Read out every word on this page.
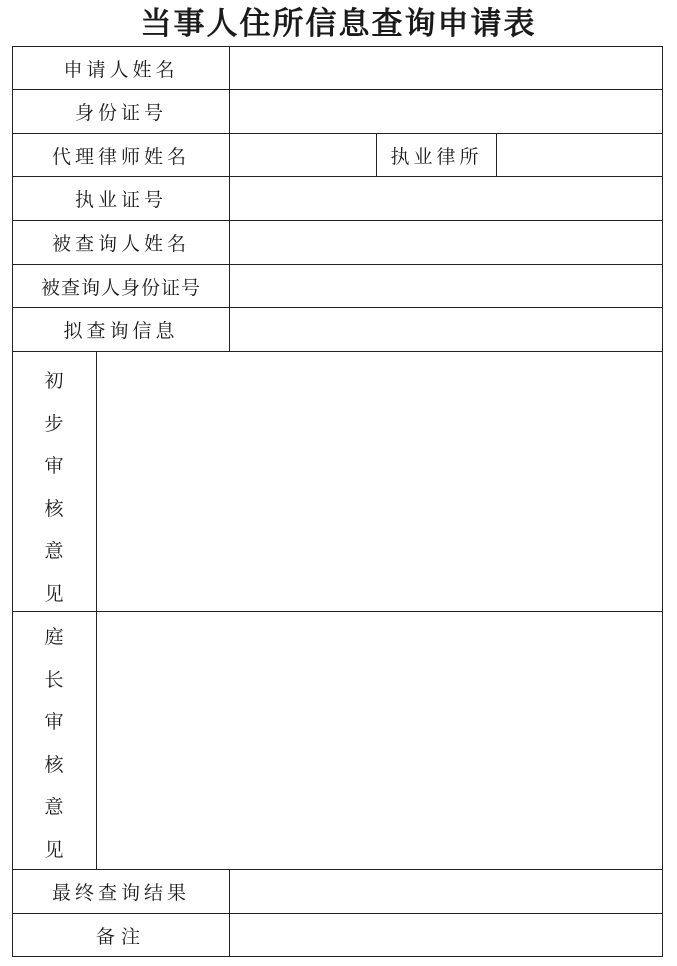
当事人住所信息查询申请表
申请人姓名
身份证号
代理律师姓名	执业律所
执业证号
被查询人姓名
被查询人身份证号
拟查询信息
初
步
审
核
意
见
庭
长
审
核
意
见
最终查询结果
备注
